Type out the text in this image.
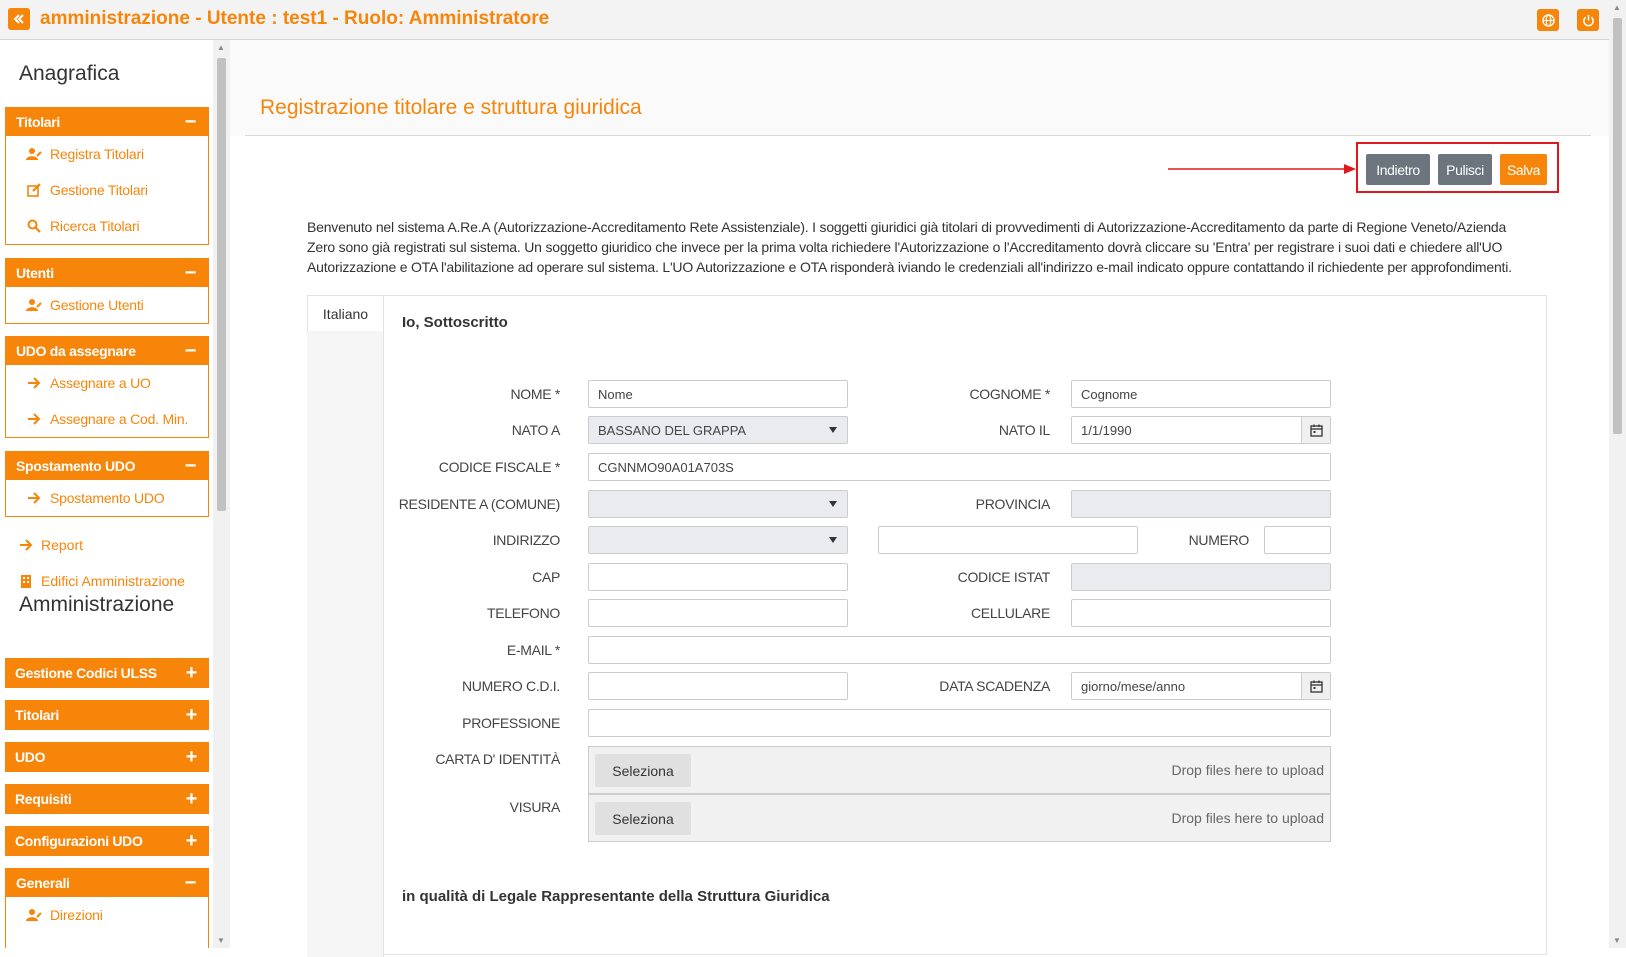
amministrazione - Utente : test1 - Ruolo: Amministratore
Anagrafica
Titolari	−
Registra Titolari
Gestione Titolari
Ricerca Titolari
Utenti	−
Gestione Utenti
UDO da assegnare −
Assegnare a UO
Assegnare a Cod. Min.
Spostamento UDO −
Spostamento UDO
Report
Edifici Amministrazione
Amministrazione
Gestione Codici ULSS +
Titolari	+
UDO	+
Requisiti	+
Configurazioni UDO +
Generali	−
Direzioni
▲
▼
Registrazione titolare e struttura giuridica
Indietro	Pulisci	Salva
Benvenuto nel sistema A.Re.A (Autorizzazione-Accreditamento Rete Assistenziale). I soggetti giuridici già titolari di provvedimenti di Autorizzazione-Accreditamento da parte di Regione Veneto/Azienda Zero sono già registrati sul sistema. Un soggetto giuridico che invece per la prima volta richiedere l'Autorizzazione o l'Accreditamento dovrà cliccare su 'Entra' per registrare i suoi dati e chiedere all'UO Autorizzazione e OTA l'abilitazione ad operare sul sistema. L'UO Autorizzazione e OTA risponderà iviando le credenziali all'indirizzo e-mail indicato oppure contattando il richiedente per approfondimenti.
Italiano
Io, Sottoscritto
NOME *	Nome	COGNOME *	Cognome
NATO A	BASSANO DEL GRAPPA	NATO IL 1/1/1990
CODICE FISCALE *	CGNNMO90A01A703S
RESIDENTE A (COMUNE)	PROVINCIA
INDIRIZZO	NUMERO
CAP	CODICE ISTAT
TELEFONO	CELLULARE
E-MAIL *
NUMERO C.D.I.	DATA SCADENZA giorno/mese/anno
PROFESSIONE
CARTA D' IDENTITÀ
Seleziona	Drop files here to upload
VISURA
Seleziona	Drop files here to upload
in qualità di Legale Rappresentante della Struttura Giuridica
▲
▼
